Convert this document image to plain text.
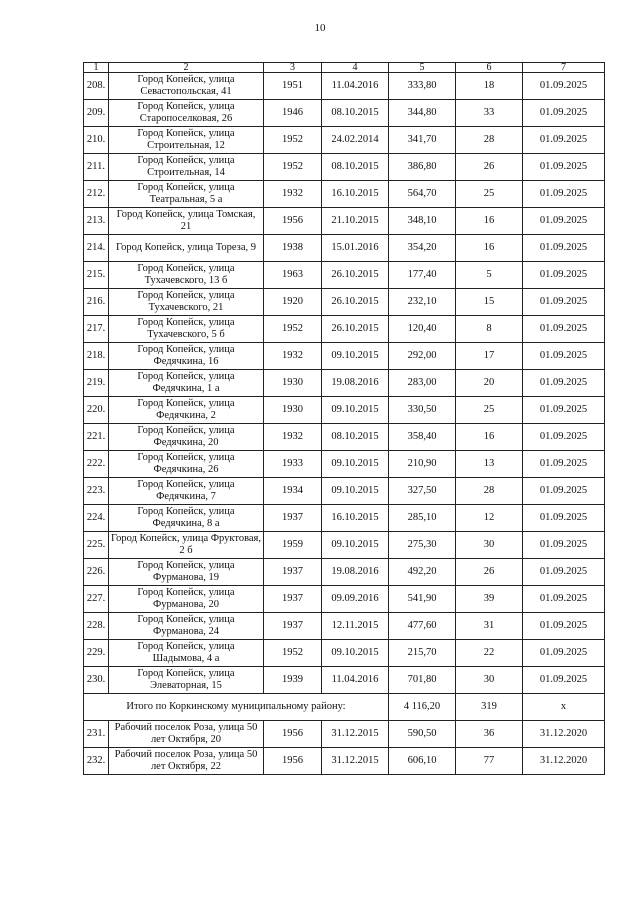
10
1	2	3	4	5	6	7
208.	Город Копейск, улица Севастопольская, 41	1951	11.04.2016	333,80	18	01.09.2025
209.	Город Копейск, улица Старопоселковая, 26	1946	08.10.2015	344,80	33	01.09.2025
210.	Город Копейск, улица Строительная, 12	1952	24.02.2014	341,70	28	01.09.2025
211.	Город Копейск, улица Строительная, 14	1952	08.10.2015	386,80	26	01.09.2025
212.	Город Копейск, улица Театральная, 5 а	1932	16.10.2015	564,70	25	01.09.2025
213.	Город Копейск, улица Томская, 21	1956	21.10.2015	348,10	16	01.09.2025
214.	Город Копейск, улица Тореза, 9	1938	15.01.2016	354,20	16	01.09.2025
215.	Город Копейск, улица Тухачевского, 13 б	1963	26.10.2015	177,40	5	01.09.2025
216.	Город Копейск, улица Тухачевского, 21	1920	26.10.2015	232,10	15	01.09.2025
217.	Город Копейск, улица Тухачевского, 5 б	1952	26.10.2015	120,40	8	01.09.2025
218.	Город Копейск, улица Федячкина, 16	1932	09.10.2015	292,00	17	01.09.2025
219.	Город Копейск, улица Федячкина, 1 а	1930	19.08.2016	283,00	20	01.09.2025
220.	Город Копейск, улица Федячкина, 2	1930	09.10.2015	330,50	25	01.09.2025
221.	Город Копейск, улица Федячкина, 20	1932	08.10.2015	358,40	16	01.09.2025
222.	Город Копейск, улица Федячкина, 26	1933	09.10.2015	210,90	13	01.09.2025
223.	Город Копейск, улица Федячкина, 7	1934	09.10.2015	327,50	28	01.09.2025
224.	Город Копейск, улица Федячкина, 8 а	1937	16.10.2015	285,10	12	01.09.2025
225.	Город Копейск, улица Фруктовая, 2 б	1959	09.10.2015	275,30	30	01.09.2025
226.	Город Копейск, улица Фурманова, 19	1937	19.08.2016	492,20	26	01.09.2025
227.	Город Копейск, улица Фурманова, 20	1937	09.09.2016	541,90	39	01.09.2025
228.	Город Копейск, улица Фурманова, 24	1937	12.11.2015	477,60	31	01.09.2025
229.	Город Копейск, улица Шадымова, 4 а	1952	09.10.2015	215,70	22	01.09.2025
230.	Город Копейск, улица Элеваторная, 15	1939	11.04.2016	701,80	30	01.09.2025
Итого по Коркинскому муниципальному району:				4 116,20	319	x
231.	Рабочий поселок Роза, улица 50 лет Октября, 20	1956	31.12.2015	590,50	36	31.12.2020
232.	Рабочий поселок Роза, улица 50 лет Октября, 22	1956	31.12.2015	606,10	77	31.12.2020
